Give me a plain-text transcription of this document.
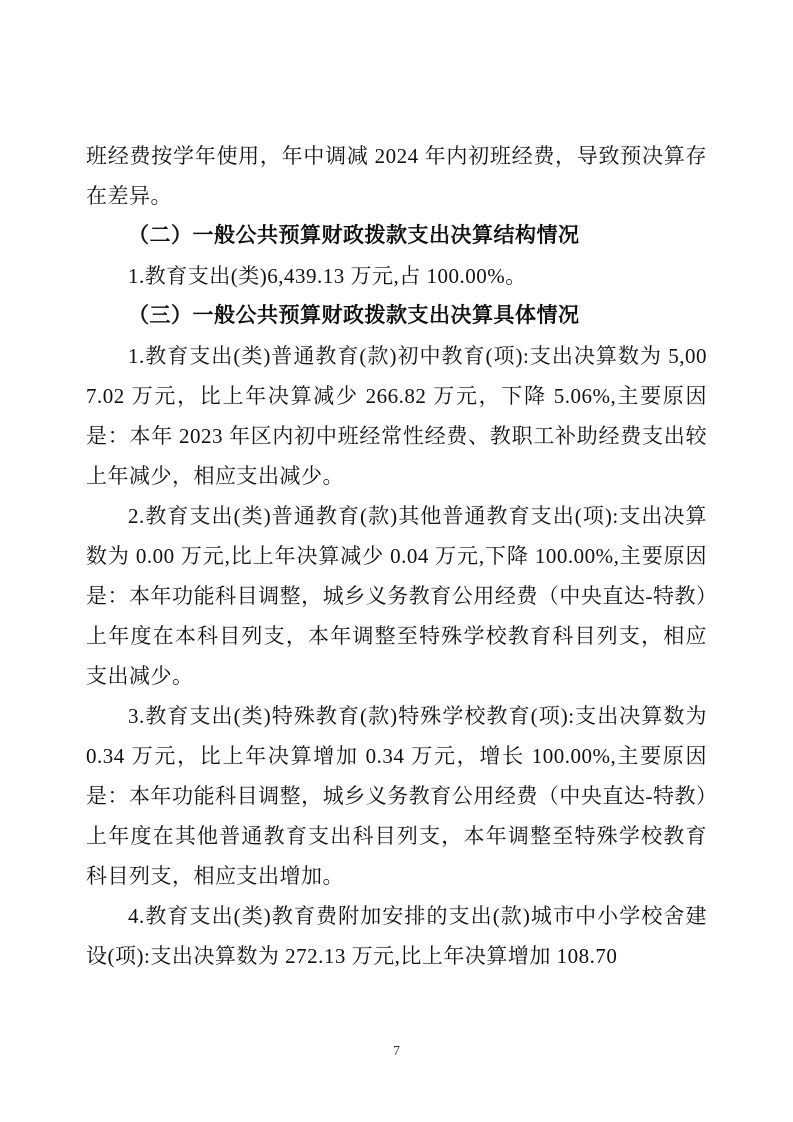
班经费按学年使用，年中调减 2024 年内初班经费，导致预决算存在差异。

（二）一般公共预算财政拨款支出决算结构情况

1.教育支出(类)6,439.13 万元,占 100.00%。

（三）一般公共预算财政拨款支出决算具体情况

1.教育支出(类)普通教育(款)初中教育(项):支出决算数为 5,007.02 万元，比上年决算减少 266.82 万元，下降 5.06%,主要原因是：本年 2023 年区内初中班经常性经费、教职工补助经费支出较上年减少，相应支出减少。

2.教育支出(类)普通教育(款)其他普通教育支出(项):支出决算数为 0.00 万元,比上年决算减少 0.04 万元,下降 100.00%,主要原因是：本年功能科目调整，城乡义务教育公用经费（中央直达-特教）上年度在本科目列支，本年调整至特殊学校教育科目列支，相应支出减少。

3.教育支出(类)特殊教育(款)特殊学校教育(项):支出决算数为 0.34 万元，比上年决算增加 0.34 万元，增长 100.00%,主要原因是：本年功能科目调整，城乡义务教育公用经费（中央直达-特教）上年度在其他普通教育支出科目列支，本年调整至特殊学校教育科目列支，相应支出增加。

4.教育支出(类)教育费附加安排的支出(款)城市中小学校舍建设(项):支出决算数为 272.13 万元,比上年决算增加 108.70

7
